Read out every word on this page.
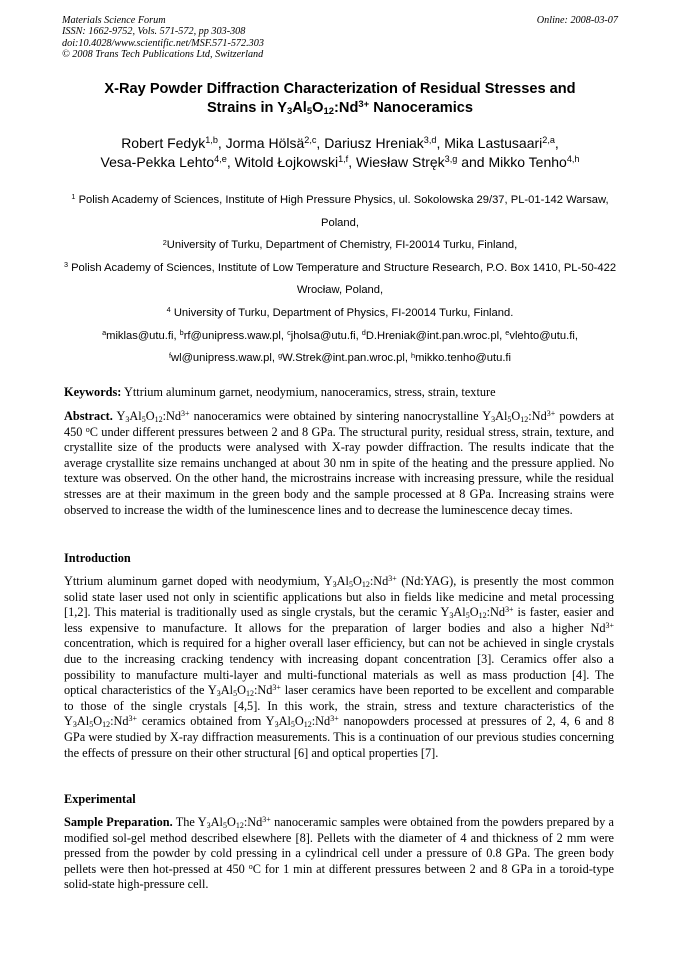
Materials Science Forum
ISSN: 1662-9752, Vols. 571-572, pp 303-308
doi:10.4028/www.scientific.net/MSF.571-572.303
© 2008 Trans Tech Publications Ltd, Switzerland
Online: 2008-03-07
X-Ray Powder Diffraction Characterization of Residual Stresses and
Strains in $Y_3Al_5O_{12}:Nd^{3+}$ Nanoceramics
Robert Fedyk$^{1,b}$, Jorma Hölsä$^{2,c}$, Dariusz Hreniak$^{3,d}$, Mika Lastusaari$^{2,a}$,
Vesa-Pekka Lehto$^{4,e}$, Witold Łojkowski$^{1,f}$, Wiesław Stręk$^{3,g}$ and Mikko Tenho$^{4,h}$
$^1$ Polish Academy of Sciences, Institute of High Pressure Physics, ul. Sokolowska 29/37, PL-01-142 Warsaw, Poland,
$^2$University of Turku, Department of Chemistry, FI-20014 Turku, Finland,
$^3$ Polish Academy of Sciences, Institute of Low Temperature and Structure Research, P.O. Box 1410, PL-50-422 Wrocław, Poland,
$^4$ University of Turku, Department of Physics, FI-20014 Turku, Finland.
$^a$miklas@utu.fi, $^b$rf@unipress.waw.pl, $^c$jholsa@utu.fi, $^d$D.Hreniak@int.pan.wroc.pl, $^e$vlehto@utu.fi,
$^f$wl@unipress.waw.pl, $^g$W.Strek@int.pan.wroc.pl, $^h$mikko.tenho@utu.fi
Keywords: Yttrium aluminum garnet, neodymium, nanoceramics, stress, strain, texture
Abstract. $Y_3Al_5O_{12}:Nd^{3+}$ nanoceramics were obtained by sintering nanocrystalline $Y_3Al_5O_{12}:Nd^{3+}$ powders at 450 $^o$C under different pressures between 2 and 8 GPa. The structural purity, residual stress, strain, texture, and crystallite size of the products were analysed with X-ray powder diffraction. The results indicate that the average crystallite size remains unchanged at about 30 nm in spite of the heating and the pressure applied. No texture was observed. On the other hand, the microstrains increase with increasing pressure, while the residual stresses are at their maximum in the green body and the sample processed at 8 GPa. Increasing strains were observed to increase the width of the luminescence lines and to decrease the luminescence decay times.
Introduction
Yttrium aluminum garnet doped with neodymium, $Y_3Al_5O_{12}:Nd^{3+}$ (Nd:YAG), is presently the most common solid state laser used not only in scientific applications but also in fields like medicine and metal processing [1,2]. This material is traditionally used as single crystals, but the ceramic $Y_3Al_5O_{12}:Nd^{3+}$ is faster, easier and less expensive to manufacture. It allows for the preparation of larger bodies and also a higher $Nd^{3+}$ concentration, which is required for a higher overall laser efficiency, but can not be achieved in single crystals due to the increasing cracking tendency with increasing dopant concentration [3]. Ceramics offer also a possibility to manufacture multi-layer and multi-functional materials as well as mass production [4]. The optical characteristics of the $Y_3Al_5O_{12}:Nd^{3+}$ laser ceramics have been reported to be excellent and comparable to those of the single crystals [4,5]. In this work, the strain, stress and texture characteristics of the $Y_3Al_5O_{12}:Nd^{3+}$ ceramics obtained from $Y_3Al_5O_{12}:Nd^{3+}$ nanopowders processed at pressures of 2, 4, 6 and 8 GPa were studied by X-ray diffraction measurements. This is a continuation of our previous studies concerning the effects of pressure on their other structural [6] and optical properties [7].
Experimental
Sample Preparation. The $Y_3Al_5O_{12}:Nd^{3+}$ nanoceramic samples were obtained from the powders prepared by a modified sol-gel method described elsewhere [8]. Pellets with the diameter of 4 and thickness of 2 mm were pressed from the powder by cold pressing in a cylindrical cell under a pressure of 0.8 GPa. The green body pellets were then hot-pressed at 450 $^o$C for 1 min at different pressures between 2 and 8 GPa in a toroid-type solid-state high-pressure cell.
